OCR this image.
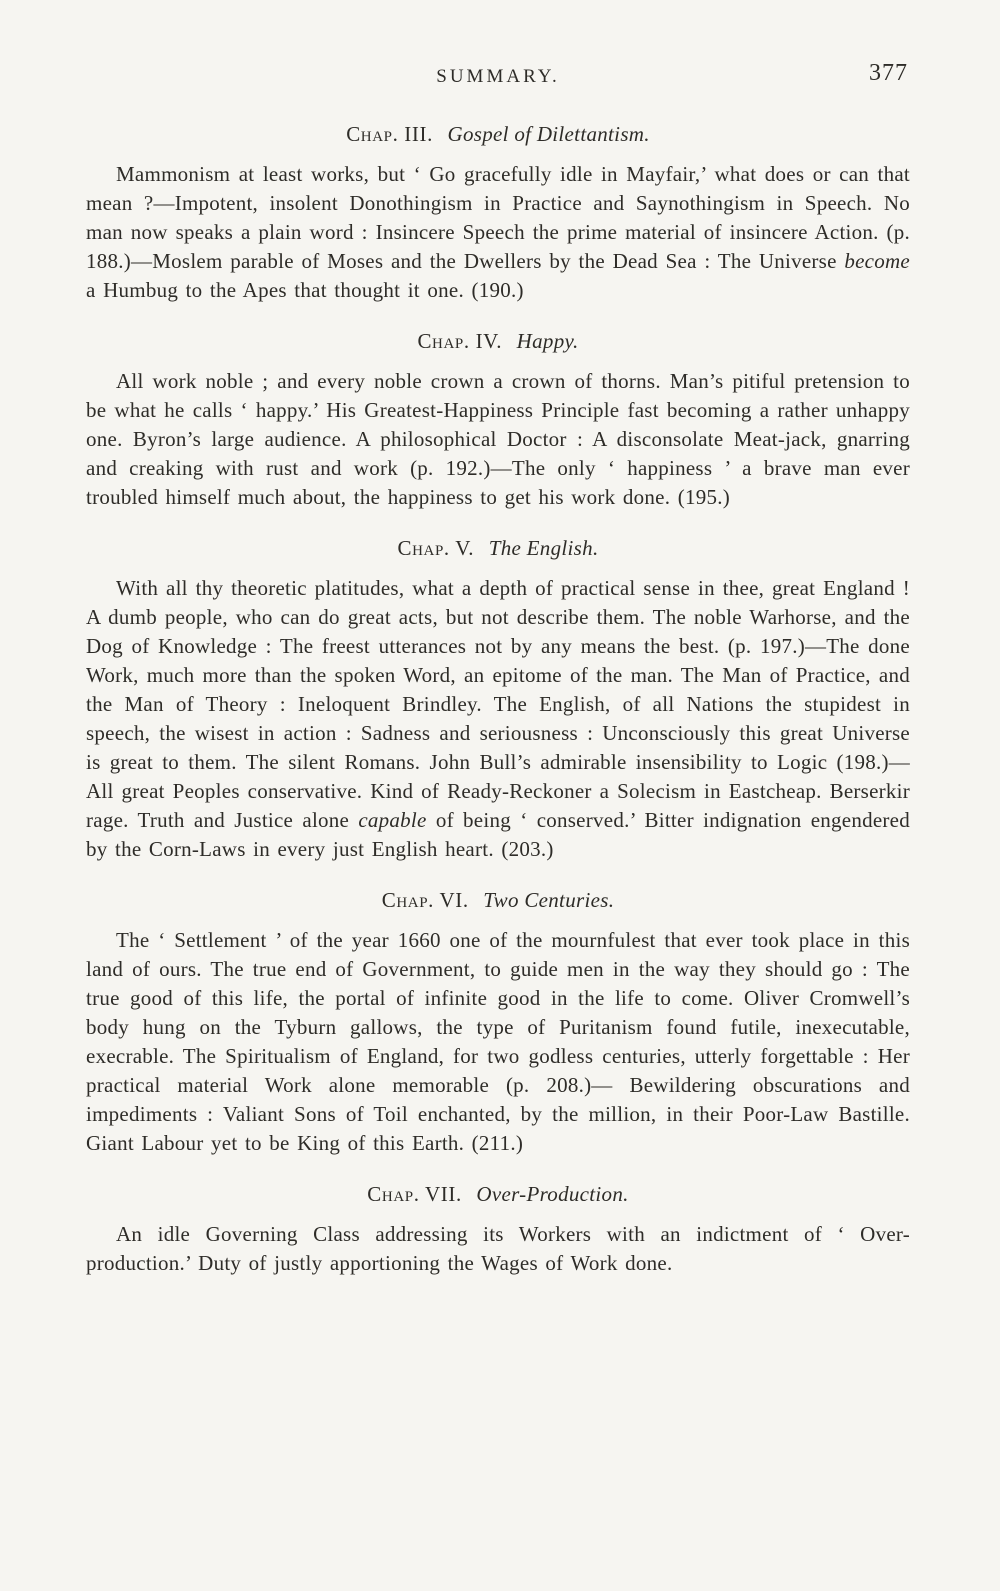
SUMMARY.	377
Chap. III. Gospel of Dilettantism.

Mammonism at least works, but ‘ Go gracefully idle in Mayfair,’ what does or can that mean ?—Impotent, insolent Donothingism in Practice and Saynothingism in Speech. No man now speaks a plain word : Insincere Speech the prime material of insincere Action. (p. 188.)—Moslem parable of Moses and the Dwellers by the Dead Sea : The Universe become a Humbug to the Apes that thought it one. (190.)

Chap. IV. Happy.

All work noble ; and every noble crown a crown of thorns. Man’s pitiful pretension to be what he calls ‘ happy.’ His Greatest-Happiness Principle fast becoming a rather unhappy one. Byron’s large audience. A philosophical Doctor : A disconsolate Meat-jack, gnarring and creaking with rust and work (p. 192.)—The only ‘ happiness ’ a brave man ever troubled himself much about, the happiness to get his work done. (195.)

Chap. V. The English.

With all thy theoretic platitudes, what a depth of practical sense in thee, great England ! A dumb people, who can do great acts, but not describe them. The noble Warhorse, and the Dog of Knowledge : The freest utterances not by any means the best. (p. 197.)—The done Work, much more than the spoken Word, an epitome of the man. The Man of Practice, and the Man of Theory : Ineloquent Brindley. The English, of all Nations the stupidest in speech, the wisest in action : Sadness and seriousness : Unconsciously this great Universe is great to them. The silent Romans. John Bull’s admirable insensibility to Logic (198.)—All great Peoples conservative. Kind of Ready-Reckoner a Solecism in Eastcheap. Berserkir rage. Truth and Justice alone capable of being ‘ conserved.’ Bitter indignation engendered by the Corn-Laws in every just English heart. (203.)

Chap. VI. Two Centuries.

The ‘ Settlement ’ of the year 1660 one of the mournfulest that ever took place in this land of ours. The true end of Government, to guide men in the way they should go : The true good of this life, the portal of infinite good in the life to come. Oliver Cromwell’s body hung on the Tyburn gallows, the type of Puritanism found futile, inexecutable, execrable. The Spiritualism of England, for two godless centuries, utterly forgettable : Her practical material Work alone memorable (p. 208.)— Bewildering obscurations and impediments : Valiant Sons of Toil enchanted, by the million, in their Poor-Law Bastille. Giant Labour yet to be King of this Earth. (211.)

Chap. VII. Over-Production.

An idle Governing Class addressing its Workers with an indictment of ‘ Over-production.’ Duty of justly apportioning the Wages of Work done.
